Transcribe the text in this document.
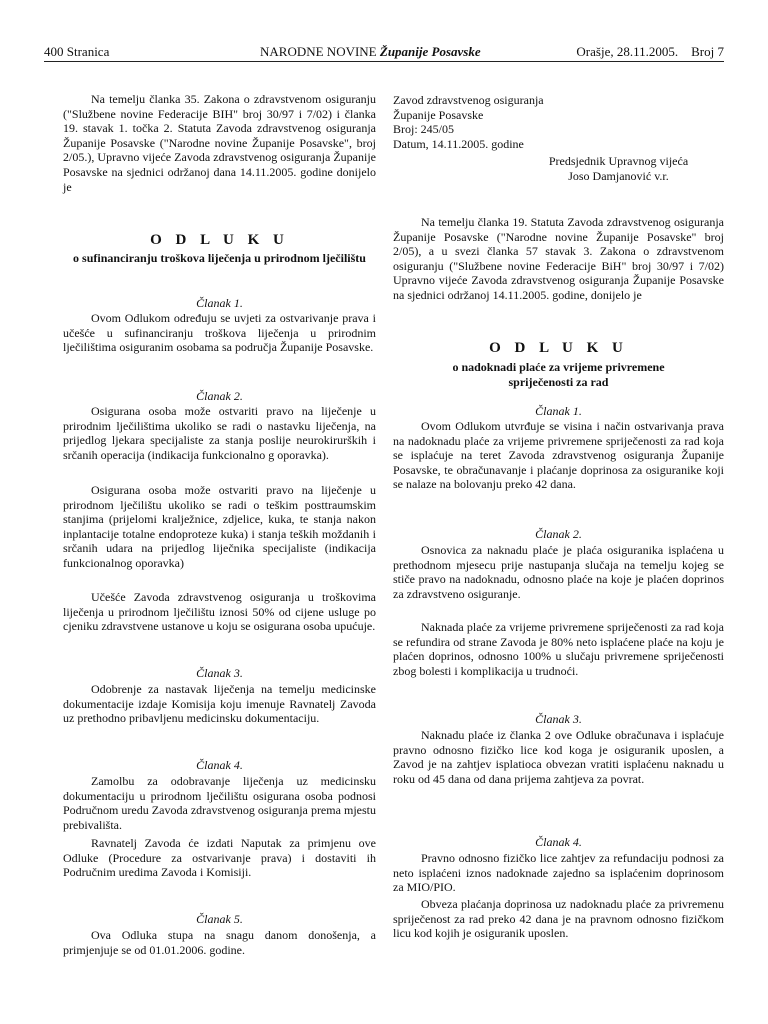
400 Stranica	NARODNE NOVINE Županije Posavske	Orašje, 28.11.2005. Broj 7

Na temelju članka 35. Zakona o zdravstvenom osiguranju ("Službene novine Federacije BIH" broj 30/97 i 7/02) i članka 19. stavak 1. točka 2. Statuta Zavoda zdravstvenog osiguranja Županije Posavske ("Narodne novine Županije Posavske", broj 2/05.), Upravno vijeće Zavoda zdravstvenog osiguranja Županije Posavske na sjednici održanoj dana 14.11.2005. godine donijelo je

O D L U K U
o sufinanciranju troškova liječenja u prirodnom lječilištu
Članak 1.

Ovom Odlukom određuju se uvjeti za ostvarivanje prava i učešće u sufinanciranju troškova liječenja u prirodnim lječilištima osiguranim osobama sa područja Županije Posavske.

Članak 2.

Osigurana osoba može ostvariti pravo na liječenje u prirodnim lječilištima ukoliko se radi o nastavku liječenja, na prijedlog ljekara specijaliste za stanja poslije neurokirurških i srčanih operacija (indikacija funkcionalno g oporavka).

Osigurana osoba može ostvariti pravo na liječenje u prirodnom lječilištu ukoliko se radi o teškim posttraumskim stanjima (prijelomi kralježnice, zdjelice, kuka, te stanja nakon inplantacije totalne endoproteze kuka) i stanja teških moždanih i srčanih udara na prijedlog liječnika specijaliste (indikacija funkcionalnog oporavka)

Učešće Zavoda zdravstvenog osiguranja u troškovima liječenja u prirodnom lječilištu iznosi 50% od cijene usluge po cjeniku zdravstvene ustanove u koju se osigurana osoba upućuje.

Članak 3.

Odobrenje za nastavak liječenja na temelju medicinske dokumentacije izdaje Komisija koju imenuje Ravnatelj Zavoda uz prethodno pribavljenu medicinsku dokumentaciju.

Članak 4.

Zamolbu za odobravanje liječenja uz medicinsku dokumentaciju u prirodnom lječilištu osigurana osoba podnosi Područnom uredu Zavoda zdravstvenog osiguranja prema mjestu prebivališta.

Ravnatelj Zavoda će izdati Naputak za primjenu ove Odluke (Procedure za ostvarivanje prava) i dostaviti ih Područnim uredima Zavoda i Komisiji.

Članak 5.

Ova Odluka stupa na snagu danom donošenja, a primjenjuje se od 01.01.2006. godine.

Zavod zdravstvenog osiguranja
Županije Posavske
Broj: 245/05
Datum, 14.11.2005. godine

Predsjednik Upravnog vijeća
Joso Damjanović v.r.

Na temelju članka 19. Statuta Zavoda zdravstvenog osiguranja Županije Posavske ("Narodne novine Županije Posavske" broj 2/05), a u svezi članka 57 stavak 3. Zakona o zdravstvenom osiguranju ("Službene novine Federacije BiH" broj 30/97 i 7/02) Upravno vijeće Zavoda zdravstvenog osiguranja Županije Posavske na sjednici održanoj 14.11.2005. godine, donijelo je

O D L U K U
o nadoknadi plaće za vrijeme privremene spriječenosti za rad
Članak 1.

Ovom Odlukom utvrđuje se visina i način ostvarivanja prava na nadoknadu plaće za vrijeme privremene spriječenosti za rad koja se isplaćuje na teret Zavoda zdravstvenog osiguranja Županije Posavske, te obračunavanje i plaćanje doprinosa za osiguranike koji se nalaze na bolovanju preko 42 dana.

Članak 2.

Osnovica za naknadu plaće je plaća osiguranika isplaćena u prethodnom mjesecu prije nastupanja slučaja na temelju kojeg se stiče pravo na nadoknadu, odnosno plaće na koje je plaćen doprinos za zdravstveno osiguranje.

Naknada plaće za vrijeme privremene spriječenosti za rad koja se refundira od strane Zavoda je 80% neto isplaćene plaće na koju je plaćen doprinos, odnosno 100% u slučaju privremene spriječenosti zbog bolesti i komplikacija u trudnoći.

Članak 3.

Naknadu plaće iz članka 2 ove Odluke obračunava i isplaćuje pravno odnosno fizičko lice kod koga je osiguranik uposlen, a Zavod je na zahtjev isplatioca obvezan vratiti isplaćenu naknadu u roku od 45 dana od dana prijema zahtjeva za povrat.

Članak 4.

Pravno odnosno fizičko lice zahtjev za refundaciju podnosi za neto isplaćeni iznos nadoknade zajedno sa isplaćenim doprinosom za MIO/PIO.

Obveza plaćanja doprinosa uz nadoknadu plaće za privremenu spriječenost za rad preko 42 dana je na pravnom odnosno fizičkom licu kod kojih je osiguranik uposlen.
